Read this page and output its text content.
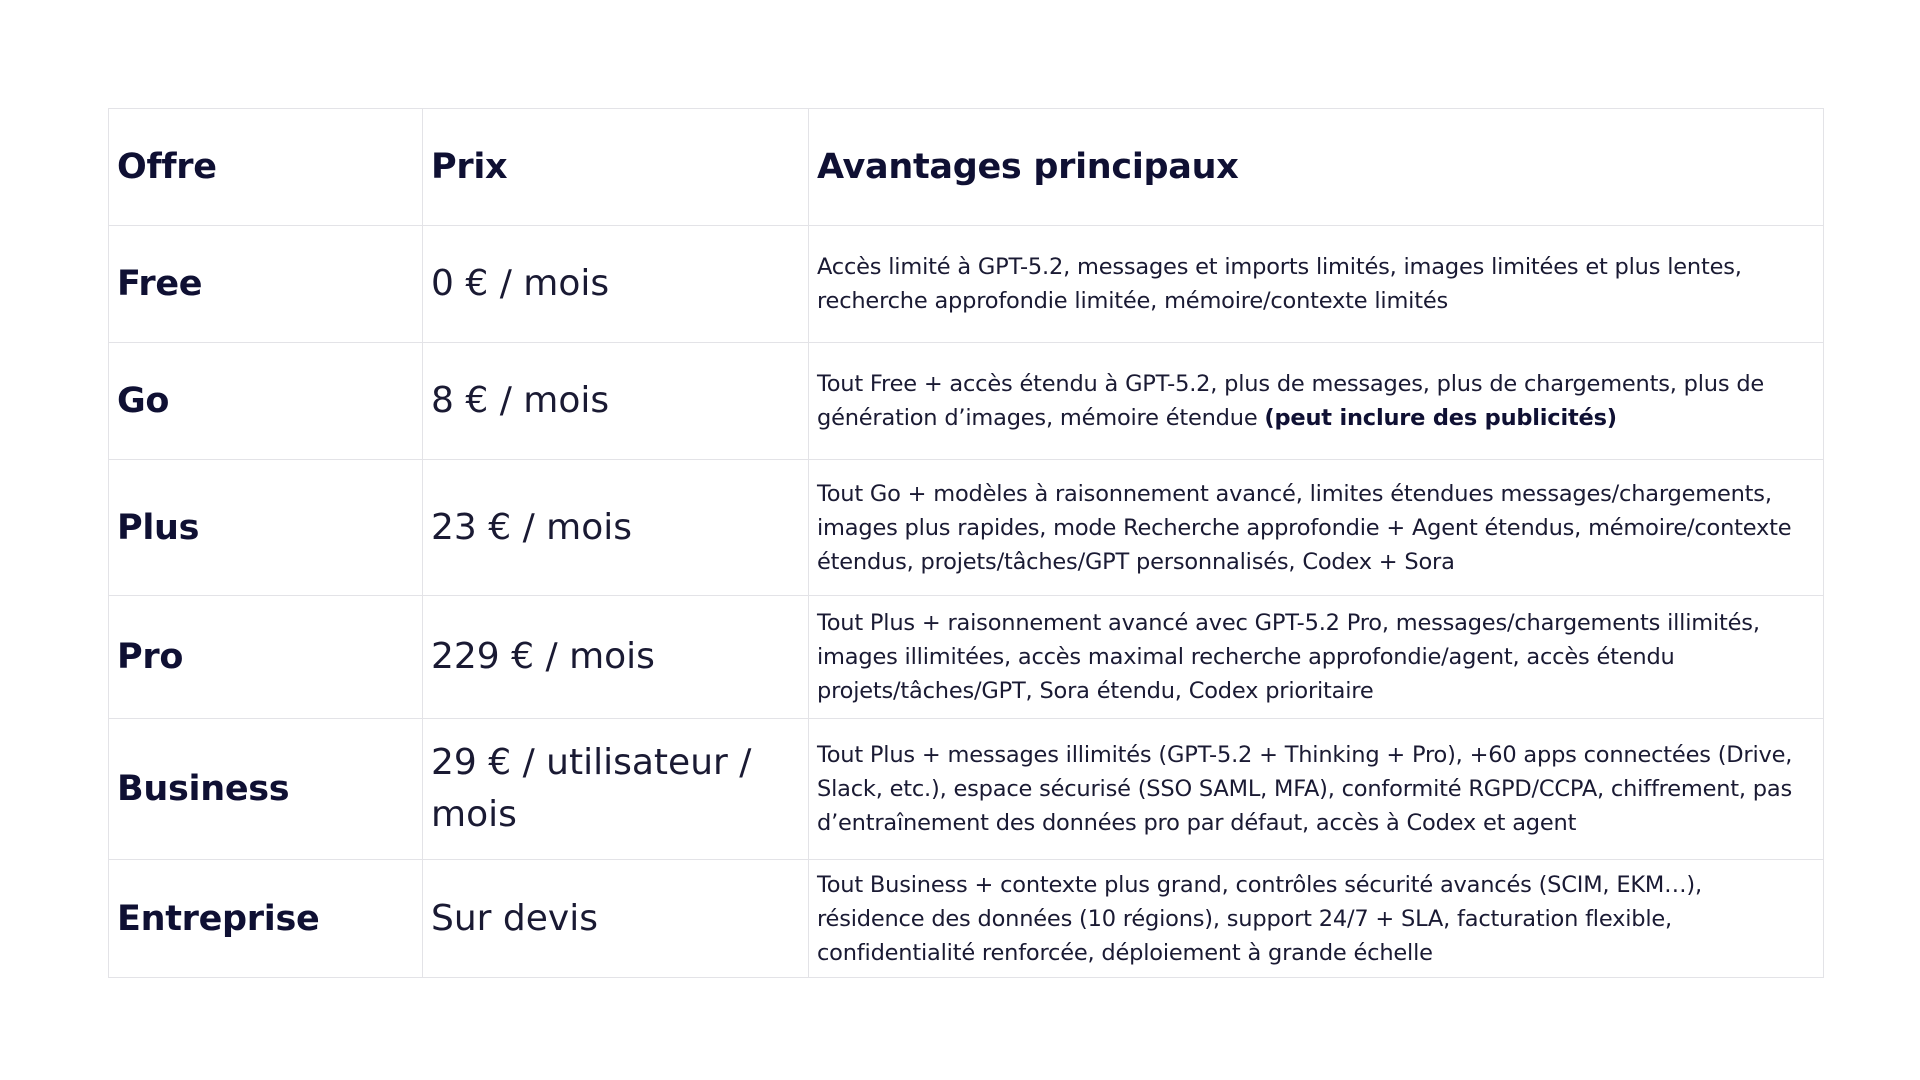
Offre	Prix	Avantages principaux
Free	0 € / mois	Accès limité à GPT-5.2, messages et imports limités, images limitées et plus lentes, recherche approfondie limitée, mémoire/contexte limités
Go	8 € / mois	Tout Free + accès étendu à GPT-5.2, plus de messages, plus de chargements, plus de génération d’images, mémoire étendue (peut inclure des publicités)
Plus	23 € / mois	Tout Go + modèles à raisonnement avancé, limites étendues messages/chargements, images plus rapides, mode Recherche approfondie + Agent étendus, mémoire/contexte étendus, projets/tâches/GPT personnalisés, Codex + Sora
Pro	229 € / mois	Tout Plus + raisonnement avancé avec GPT-5.2 Pro, messages/chargements illimités, images illimitées, accès maximal recherche approfondie/agent, accès étendu projets/tâches/GPT, Sora étendu, Codex prioritaire
Business	29 € / utilisateur / mois	Tout Plus + messages illimités (GPT-5.2 + Thinking + Pro), +60 apps connectées (Drive, Slack, etc.), espace sécurisé (SSO SAML, MFA), conformité RGPD/CCPA, chiffrement, pas d’entraînement des données pro par défaut, accès à Codex et agent
Entreprise	Sur devis	Tout Business + contexte plus grand, contrôles sécurité avancés (SCIM, EKM…), résidence des données (10 régions), support 24/7 + SLA, facturation flexible, confidentialité renforcée, déploiement à grande échelle
